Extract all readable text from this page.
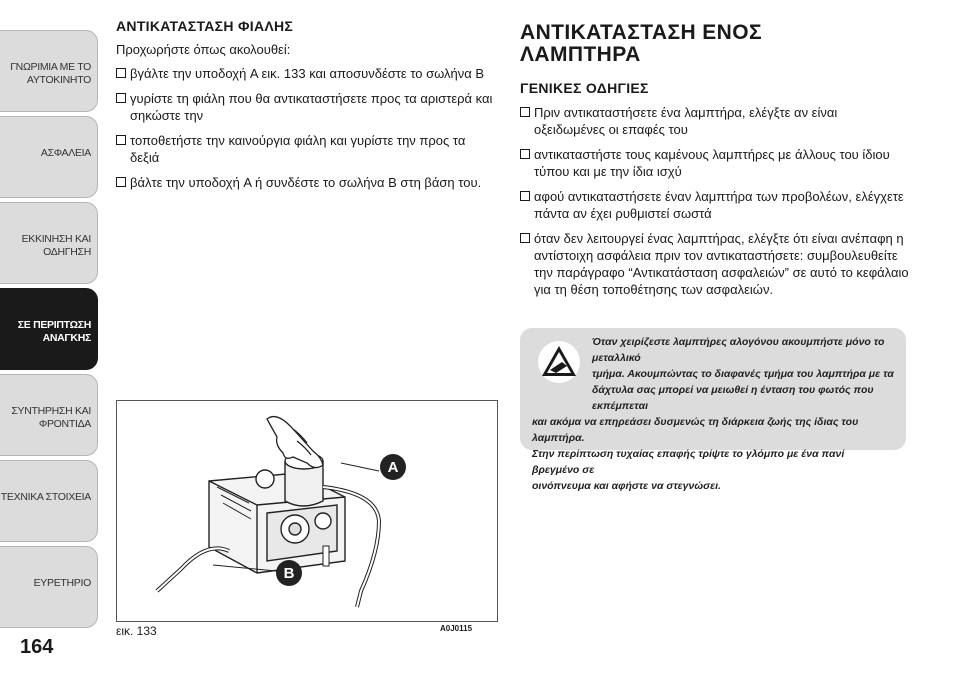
ΓΝΩΡΙΜΙΑ ΜΕ ΤΟ
ΑΥΤΟΚΙΝΗΤΟ
ΑΣΦΑΛΕΙΑ
ΕΚΚΙΝΗΣΗ ΚΑΙ
ΟΔΗΓΗΣΗ
ΣΕ ΠΕΡΙΠΤΩΣΗ
ΑΝΑΓΚΗΣ
ΣΥΝΤΗΡΗΣΗ ΚΑΙ
ΦΡΟΝΤΙΔΑ
ΤΕΧΝΙΚΑ ΣΤΟΙΧΕΙΑ
ΕΥΡΕΤΗΡΙΟ
164
ΑΝΤΙΚΑΤΑΣΤΑΣΗ ΦΙΑΛΗΣ

Προχωρήστε όπως ακολουθεί:

βγάλτε την υποδοχή A εικ. 133 και αποσυνδέστε το σωλήνα B
γυρίστε τη φιάλη που θα αντικαταστήσετε προς τα αριστερά και σηκώστε την
τοποθετήστε την καινούργια φιάλη και γυρίστε την προς τα δεξιά
βάλτε την υποδοχή A ή συνδέστε το σωλήνα B στη βάση του.
A
B
εικ. 133	A0J0115
ΑΝΤΙΚΑΤΑΣΤΑΣΗ ΕΝΟΣ
ΛΑΜΠΤΗΡΑ
ΓΕΝΙΚΕΣ ΟΔΗΓΙΕΣ
Πριν αντικαταστήσετε ένα λαμπτήρα, ελέγξτε αν είναι οξειδωμένες οι επαφές του
αντικαταστήστε τους καμένους λαμπτήρες με άλλους του ίδιου τύπου και με την ίδια ισχύ
αφού αντικαταστήσετε έναν λαμπτήρα των προβολέων, ελέγχετε πάντα αν έχει ρυθμιστεί σωστά
όταν δεν λειτουργεί ένας λαμπτήρας, ελέγξτε ότι είναι ανέπαφη η αντίστοιχη ασφάλεια πριν τον αντικαταστήσετε: συμβουλευθείτε την παράγραφο “Αντικατάσταση ασφαλειών” σε αυτό το κεφάλαιο για τη θέση τοποθέτησης των ασφαλειών.

Όταν χειρίζεστε λαμπτήρες αλογόνου ακουμπήστε μόνο το μεταλλικό
τμήμα. Ακουμπώντας το διαφανές τμήμα του λαμπτήρα με τα
δάχτυλα σας μπορεί να μειωθεί η ένταση του φωτός που εκπέμπεται
και ακόμα να επηρεάσει δυσμενώς τη διάρκεια ζωής της ίδιας του λαμπτήρα.
Στην περίπτωση τυχαίας επαφής τρίψτε το γλόμπο με ένα πανί βρεγμένο σε
οινόπνευμα και αφήστε να στεγνώσει.
